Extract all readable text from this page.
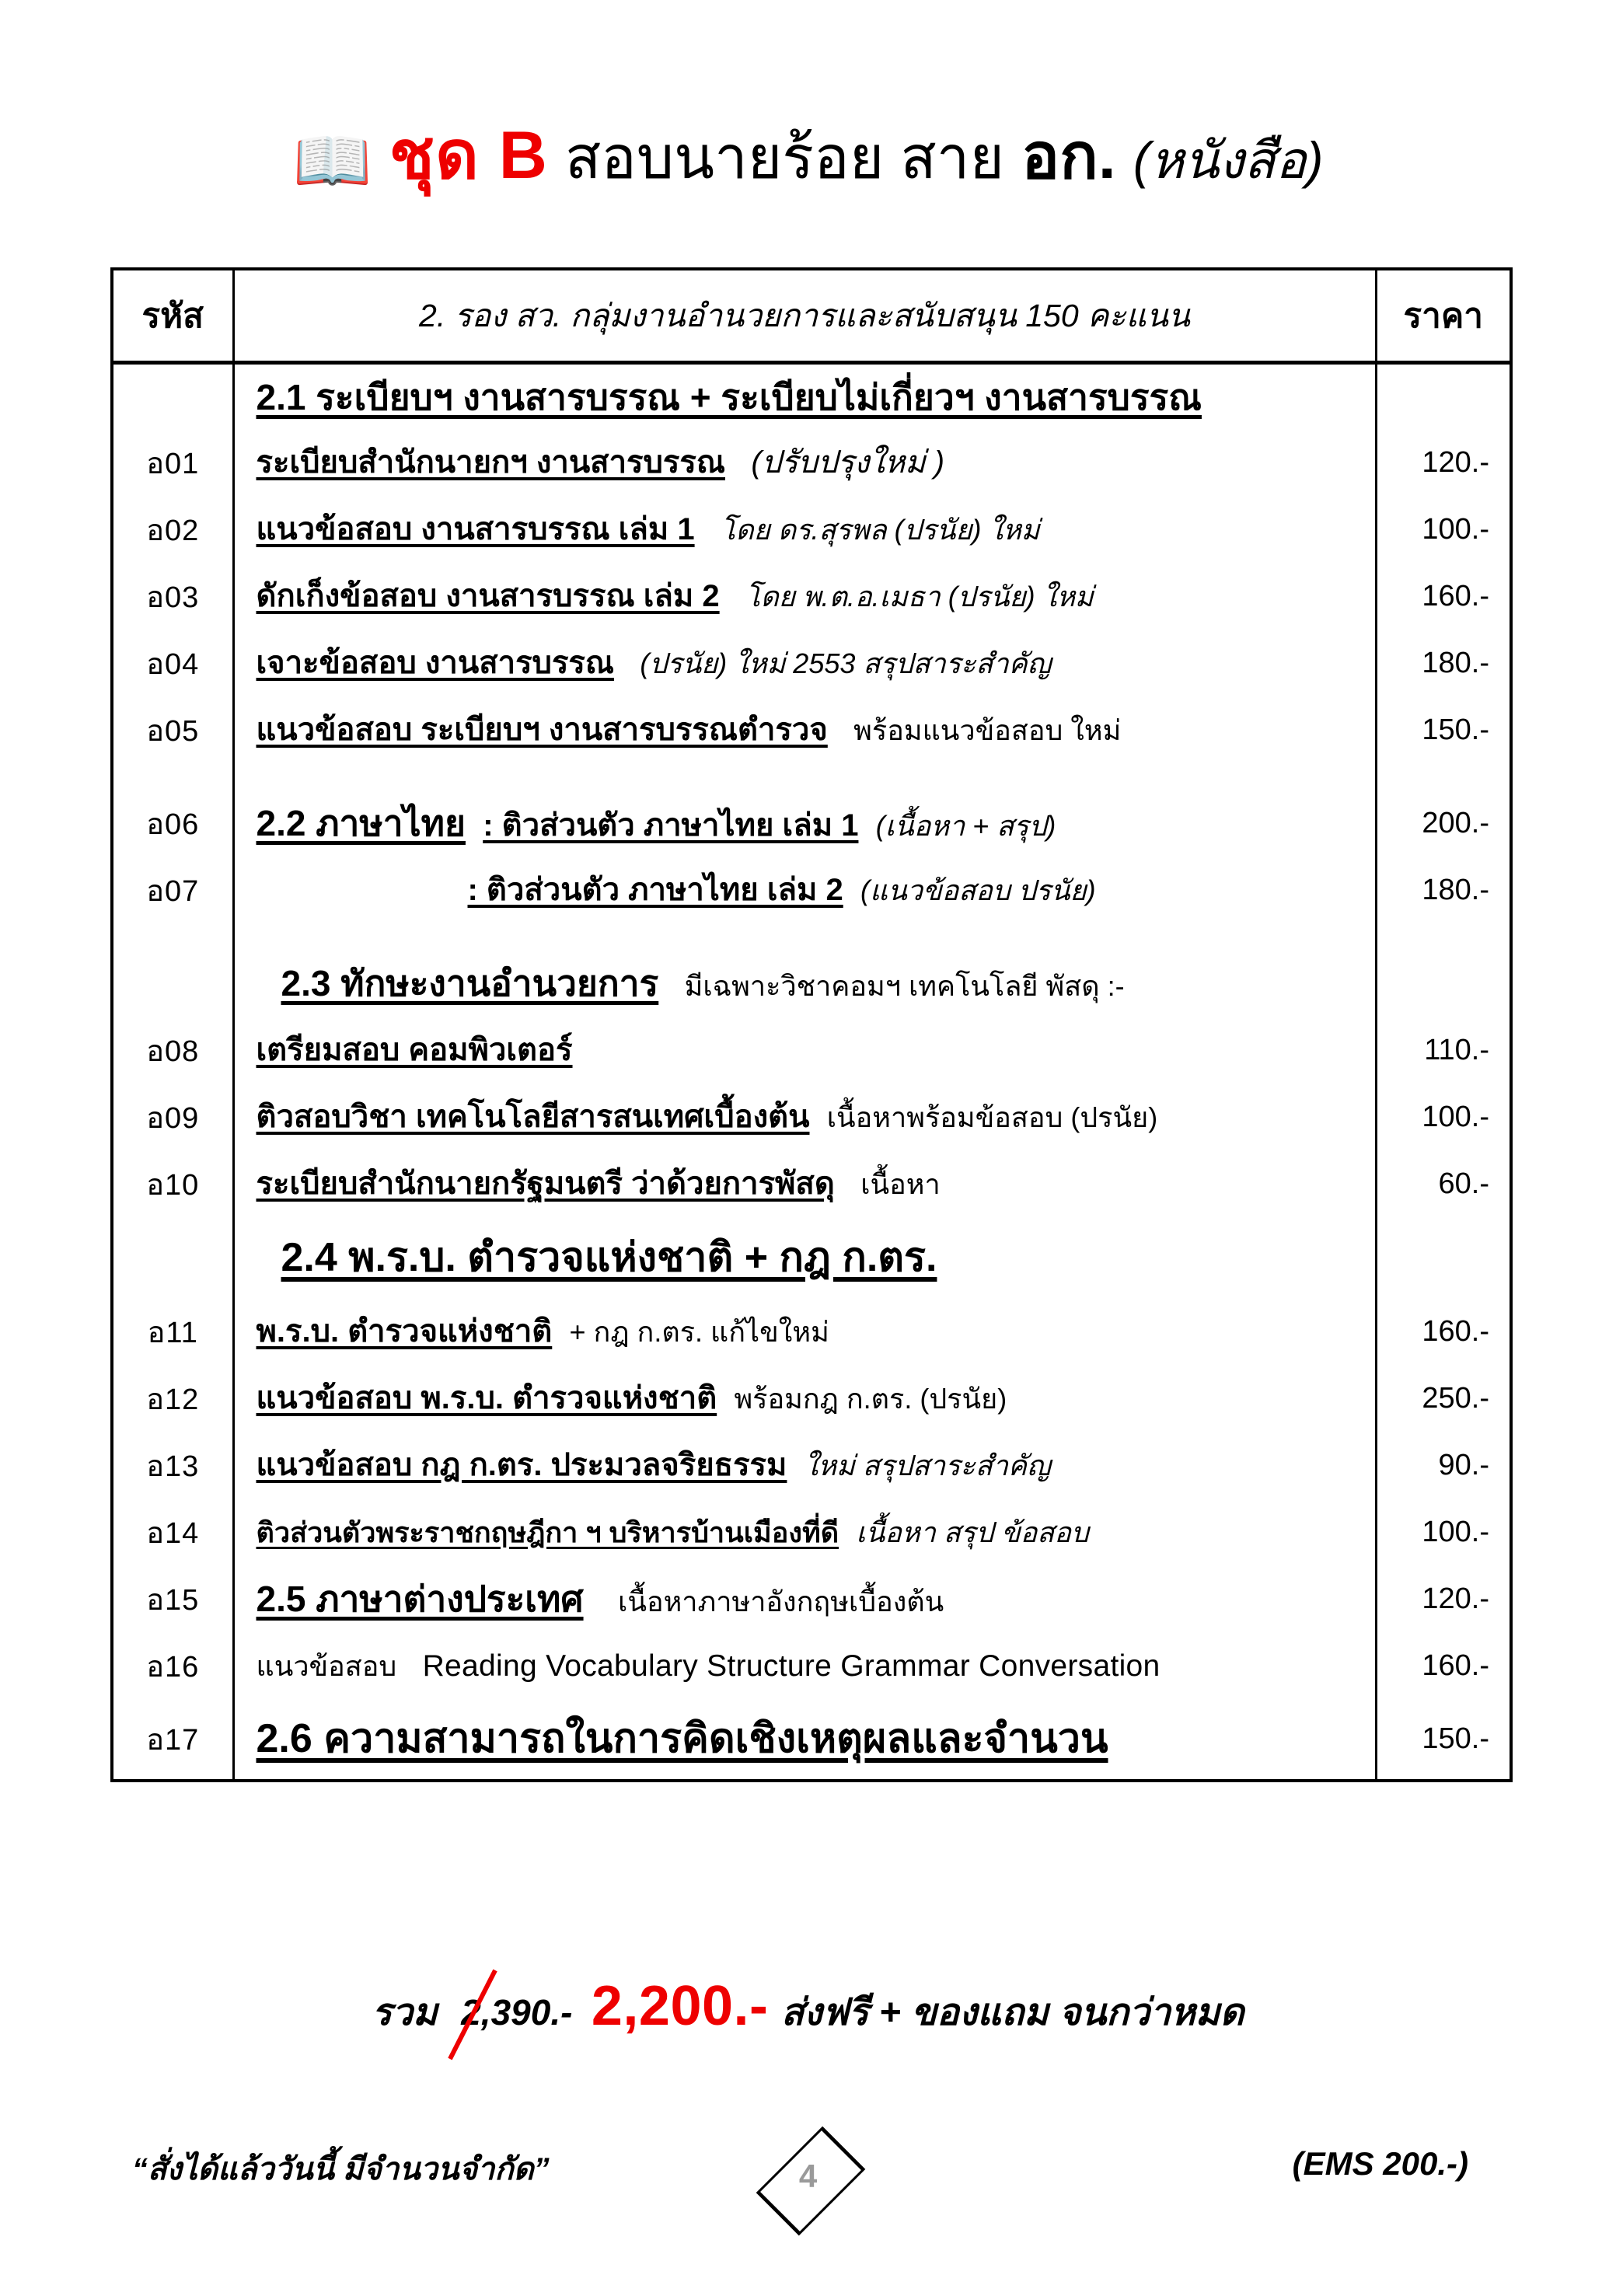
📖 ชุด B สอบนายร้อย สาย อก. (หนังสือ)
รหัส	2. รอง สว. กลุ่มงานอำนวยการและสนับสนุน 150 คะแนน	ราคา
	2.1 ระเบียบฯ งานสารบรรณ + ระเบียบไม่เกี่ยวฯ งานสารบรรณ	
อ01	ระเบียบสำนักนายกฯ งานสารบรรณ (ปรับปรุงใหม่ )	120.-
อ02	แนวข้อสอบ งานสารบรรณ เล่ม 1 โดย ดร.สุรพล (ปรนัย) ใหม่	100.-
อ03	ดักเก็งข้อสอบ งานสารบรรณ เล่ม 2 โดย พ.ต.อ.เมธา (ปรนัย) ใหม่	160.-
อ04	เจาะข้อสอบ งานสารบรรณ (ปรนัย) ใหม่ 2553 สรุปสาระสำคัญ	180.-
อ05	แนวข้อสอบ ระเบียบฯ งานสารบรรณตำรวจ พร้อมแนวข้อสอบ ใหม่	150.-

อ06	2.2 ภาษาไทย : ติวส่วนตัว ภาษาไทย เล่ม 1 (เนื้อหา + สรุป)	200.-
อ07	: ติวส่วนตัว ภาษาไทย เล่ม 2 (แนวข้อสอบ ปรนัย)	180.-

	2.3 ทักษะงานอำนวยการ มีเฉพาะวิชาคอมฯ เทคโนโลยี พัสดุ :-	
อ08	เตรียมสอบ คอมพิวเตอร์	110.-
อ09	ติวสอบวิชา เทคโนโลยีสารสนเทศเบื้องต้น เนื้อหาพร้อมข้อสอบ (ปรนัย)	100.-
อ10	ระเบียบสำนักนายกรัฐมนตรี ว่าด้วยการพัสดุ เนื้อหา	60.-
	2.4 พ.ร.บ. ตำรวจแห่งชาติ + กฎ ก.ตร.	
อ11	พ.ร.บ. ตำรวจแห่งชาติ + กฎ ก.ตร. แก้ไขใหม่	160.-
อ12	แนวข้อสอบ พ.ร.บ. ตำรวจแห่งชาติ พร้อมกฎ ก.ตร. (ปรนัย)	250.-
อ13	แนวข้อสอบ กฎ ก.ตร. ประมวลจริยธรรม ใหม่ สรุปสาระสำคัญ	90.-
อ14	ติวส่วนตัวพระราชกฤษฎีกา ฯ บริหารบ้านเมืองที่ดี เนื้อหา สรุป ข้อสอบ	100.-
อ15	2.5 ภาษาต่างประเทศ เนื้อหาภาษาอังกฤษเบื้องต้น	120.-
อ16	แนวข้อสอบ Reading Vocabulary Structure Grammar Conversation	160.-
อ17	2.6 ความสามารถในการคิดเชิงเหตุผลและจำนวน	150.-
รวม 2,390.- 2,200.- ส่งฟรี + ของแถม จนกว่าหมด
“สั่งได้แล้ววันนี้ มีจำนวนจำกัด”	4	(EMS 200.-)
